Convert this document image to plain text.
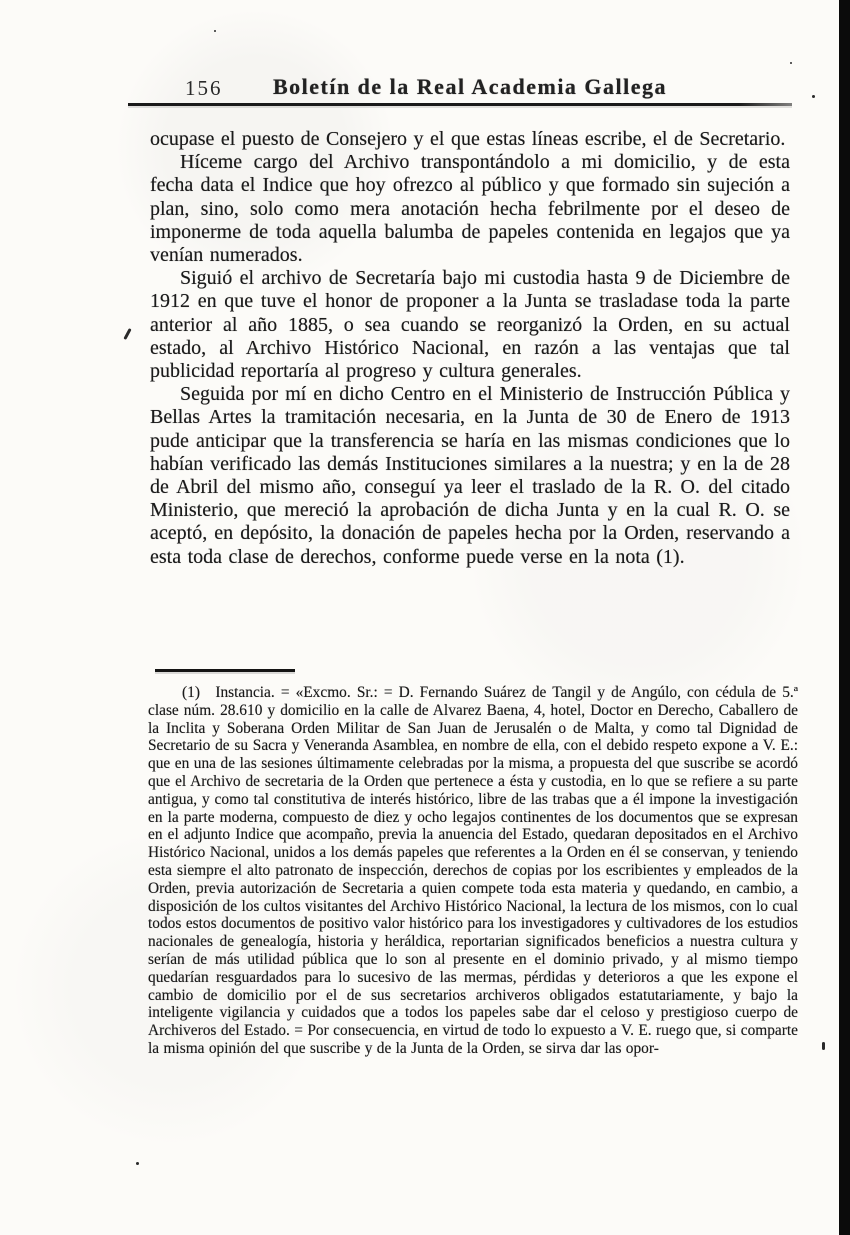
156	Boletín de la Real Academia Gallega

ocupase el puesto de Consejero y el que estas líneas escribe, el de Secretario.

Híceme cargo del Archivo transpontándolo a mi domicilio, y de esta fecha data el Indice que hoy ofrezco al público y que formado sin sujeción a plan, sino, solo como mera anotación hecha febrilmente por el deseo de imponerme de toda aquella balumba de papeles contenida en legajos que ya venían numerados.

Siguió el archivo de Secretaría bajo mi custodia hasta 9 de Diciembre de 1912 en que tuve el honor de proponer a la Junta se trasladase toda la parte anterior al año 1885, o sea cuando se reorganizó la Orden, en su actual estado, al Archivo Histórico Nacional, en razón a las ventajas que tal publicidad reportaría al progreso y cultura generales.

Seguida por mí en dicho Centro en el Ministerio de Instrucción Pública y Bellas Artes la tramitación necesaria, en la Junta de 30 de Enero de 1913 pude anticipar que la transferencia se haría en las mismas condiciones que lo habían verificado las demás Instituciones similares a la nuestra; y en la de 28 de Abril del mismo año, conseguí ya leer el traslado de la R. O. del citado Ministerio, que mereció la aprobación de dicha Junta y en la cual R. O. se aceptó, en depósito, la donación de papeles hecha por la Orden, reservando a esta toda clase de derechos, conforme puede verse en la nota (1).

(1) Instancia. = «Excmo. Sr.: = D. Fernando Suárez de Tangil y de Angúlo, con cédula de 5.ª clase núm. 28.610 y domicilio en la calle de Alvarez Baena, 4, hotel, Doctor en Derecho, Caballero de la Inclita y Soberana Orden Militar de San Juan de Jerusalén o de Malta, y como tal Dignidad de Secretario de su Sacra y Veneranda Asamblea, en nombre de ella, con el debido respeto expone a V. E.: que en una de las sesiones últimamente celebradas por la misma, a propuesta del que suscribe se acordó que el Archivo de secretaria de la Orden que pertenece a ésta y custodia, en lo que se refiere a su parte antigua, y como tal constitutiva de interés histórico, libre de las trabas que a él impone la investigación en la parte moderna, compuesto de diez y ocho legajos continentes de los documentos que se expresan en el adjunto Indice que acompaño, previa la anuencia del Estado, quedaran depositados en el Archivo Histórico Nacional, unidos a los demás papeles que referentes a la Orden en él se conservan, y teniendo esta siempre el alto patronato de inspección, derechos de copias por los escribientes y empleados de la Orden, previa autorización de Secretaria a quien compete toda esta materia y quedando, en cambio, a disposición de los cultos visitantes del Archivo Histórico Nacional, la lectura de los mismos, con lo cual todos estos documentos de positivo valor histórico para los investigadores y cultivadores de los estudios nacionales de genealogía, historia y heráldica, reportarian significados beneficios a nuestra cultura y serían de más utilidad pública que lo son al presente en el dominio privado, y al mismo tiempo quedarían resguardados para lo sucesivo de las mermas, pérdidas y deterioros a que les expone el cambio de domicilio por el de sus secretarios archiveros obligados estatutariamente, y bajo la inteligente vigilancia y cuidados que a todos los papeles sabe dar el celoso y prestigioso cuerpo de Archiveros del Estado. = Por consecuencia, en virtud de todo lo expuesto a V. E. ruego que, si comparte la misma opinión del que suscribe y de la Junta de la Orden, se sirva dar las opor-
